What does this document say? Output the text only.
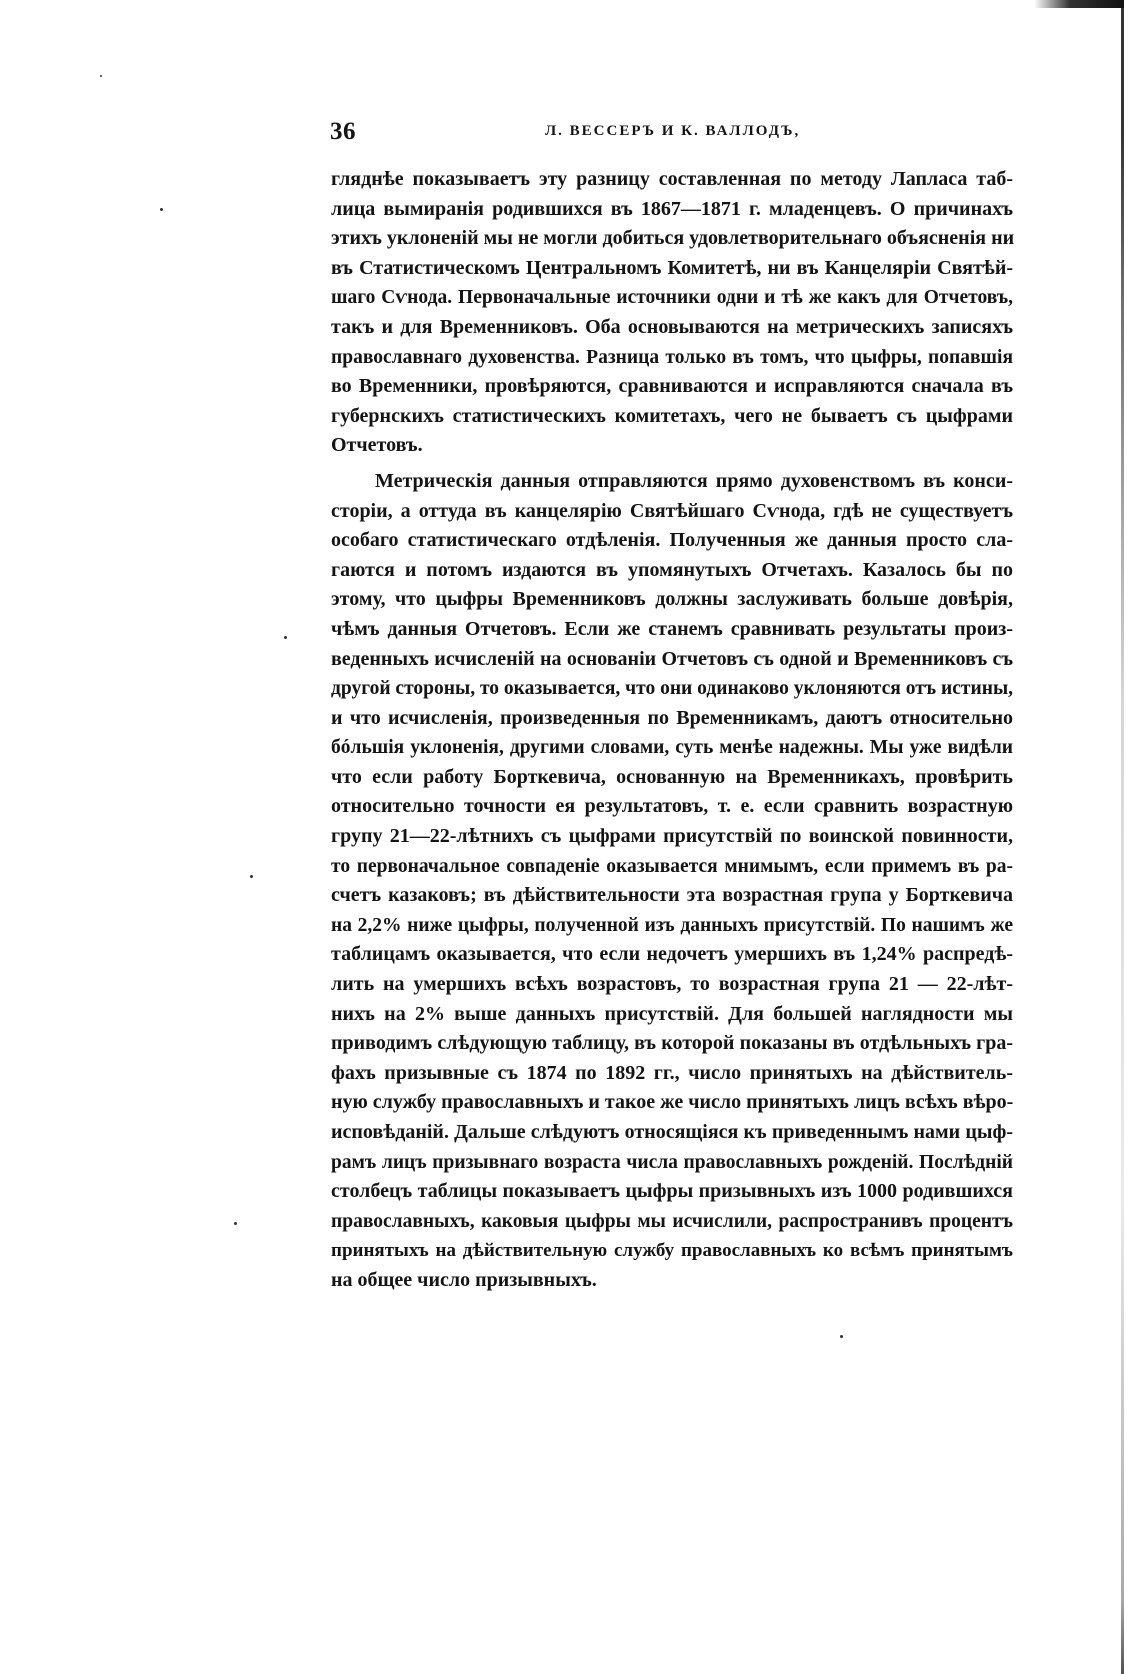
36	Л. ВЕССЕРЪ И К. ВАЛЛОДЪ,
гляднѣе показываетъ эту разницу составленная по методу Лапласа таб-
лица вымиранія родившихся въ 1867—1871 г. младенцевъ. О причинахъ
этихъ уклоненій мы не могли добиться удовлетворительнаго объясненія ни
въ Статистическомъ Центральномъ Комитетѣ, ни въ Канцеляріи Святѣй-
шаго Сѵнода. Первоначальные источники одни и тѣ же какъ для Отчетовъ,
такъ и для Временниковъ. Оба основываются на метрическихъ записяхъ
православнаго духовенства. Разница только въ томъ, что цыфры, попавшія
во Временники, провѣряются, сравниваются и исправляются сначала въ
губернскихъ статистическихъ комитетахъ, чего не бываетъ съ цыфрами
Отчетовъ.
Метрическія данныя отправляются прямо духовенствомъ въ конси-
сторіи, а оттуда въ канцелярію Святѣйшаго Сѵнода, гдѣ не существуетъ
особаго статистическаго отдѣленія. Полученныя же данныя просто сла-
гаются и потомъ издаются въ упомянутыхъ Отчетахъ. Казалось бы по
этому, что цыфры Временниковъ должны заслуживать больше довѣрія,
чѣмъ данныя Отчетовъ. Если же станемъ сравнивать результаты произ-
веденныхъ исчисленій на основаніи Отчетовъ съ одной и Временниковъ съ
другой стороны, то оказывается, что они одинаково уклоняются отъ истины,
и что исчисленія, произведенныя по Временникамъ, даютъ относительно
бóльшія уклоненія, другими словами, суть менѣе надежны. Мы уже видѣли
что если работу Борткевича, основанную на Временникахъ, провѣрить
относительно точности ея результатовъ, т. е. если сравнить возрастную
групу 21—22-лѣтнихъ съ цыфрами присутствій по воинской повинности,
то первоначальное совпаденіе оказывается мнимымъ, если примемъ въ ра-
счетъ казаковъ; въ дѣйствительности эта возрастная група у Борткевича
на 2,2% ниже цыфры, полученной изъ данныхъ присутствій. По нашимъ же
таблицамъ оказывается, что если недочетъ умершихъ въ 1,24% распредѣ-
лить на умершихъ всѣхъ возрастовъ, то возрастная група 21 — 22-лѣт-
нихъ на 2% выше данныхъ присутствій. Для большей наглядности мы
приводимъ слѣдующую таблицу, въ которой показаны въ отдѣльныхъ гра-
фахъ призывные съ 1874 по 1892 гг., число принятыхъ на дѣйствитель-
ную службу православныхъ и такое же число принятыхъ лицъ всѣхъ вѣро-
исповѣданій. Дальше слѣдуютъ относящіяся къ приведеннымъ нами цыф-
рамъ лицъ призывнаго возраста числа православныхъ рожденій. Послѣдній
столбецъ таблицы показываетъ цыфры призывныхъ изъ 1000 родившихся
православныхъ, каковыя цыфры мы исчислили, распространивъ процентъ
принятыхъ на дѣйствительную службу православныхъ ко всѣмъ принятымъ
на общее число призывныхъ.
